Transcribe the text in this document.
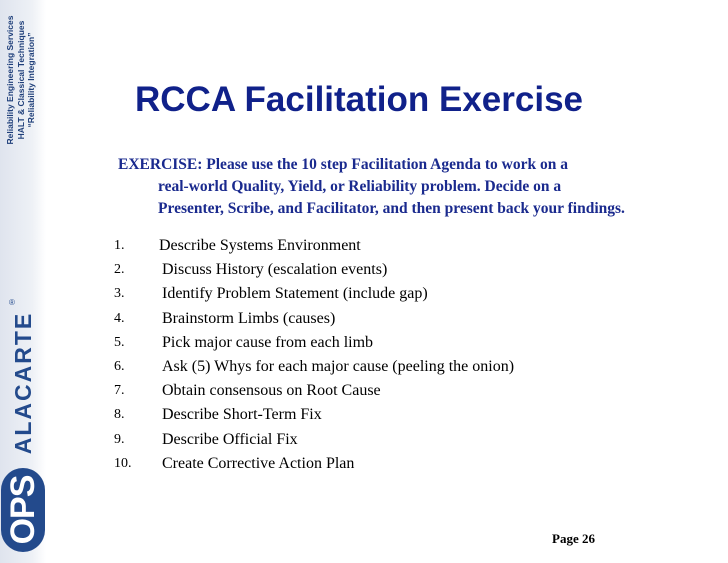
Reliability Engineering Services HALT & Classical Techniques “Reliability Integration”
®
ALACARTE
OPS
RCCA Facilitation Exercise
EXERCISE: Please use the 10 step Facilitation Agenda to work on a
real-world Quality, Yield, or Reliability problem. Decide on a
Presenter, Scribe, and Facilitator, and then present back your findings.
1.	Describe Systems Environment
2.	Discuss History (escalation events)
3.	Identify Problem Statement (include gap)
4.	Brainstorm Limbs (causes)
5.	Pick major cause from each limb
6.	Ask (5) Whys for each major cause (peeling the onion)
7.	Obtain consensous on Root Cause
8.	Describe Short-Term Fix
9.	Describe Official Fix
10.	Create Corrective Action Plan
Page 26
